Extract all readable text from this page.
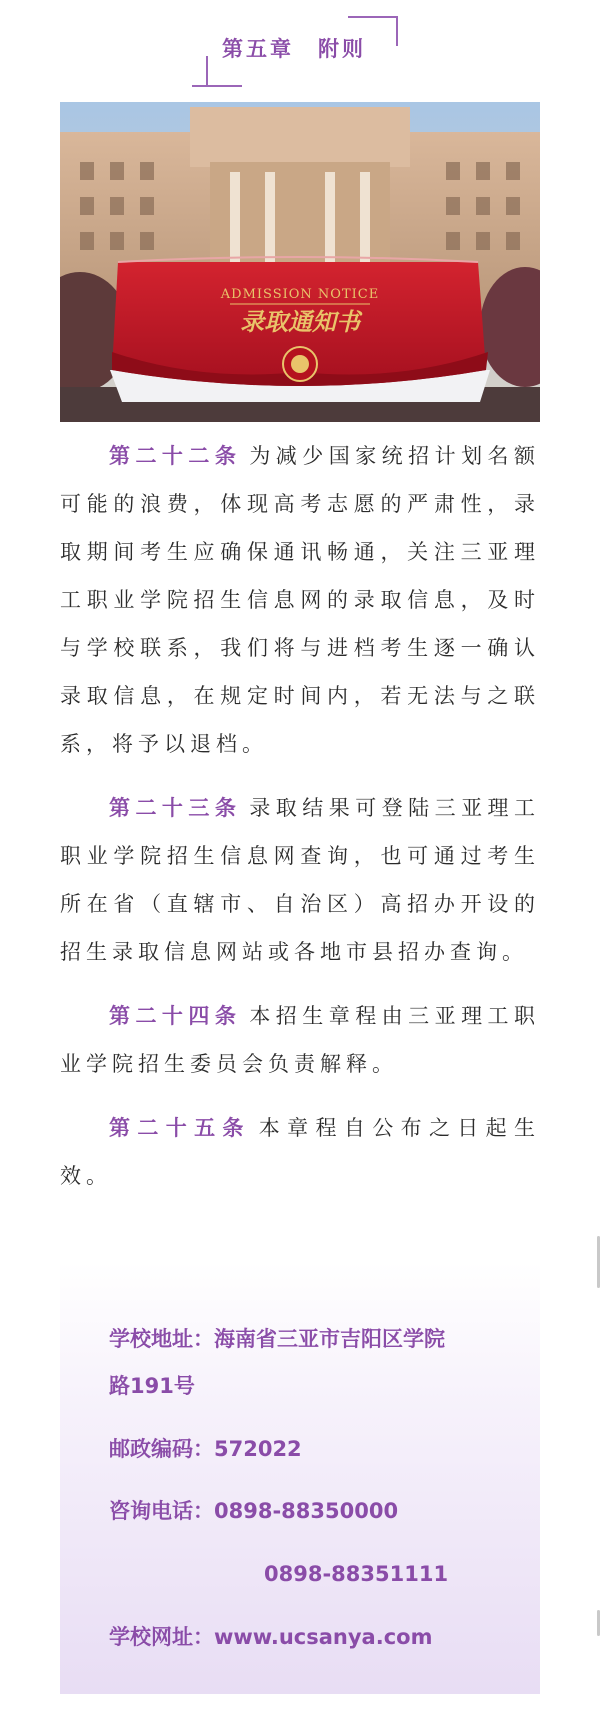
第五章　附则
ADMISSION NOTICE
录取通知书

第二十二条 为减少国家统招计划名额可能的浪费，体现高考志愿的严肃性，录取期间考生应确保通讯畅通，关注三亚理工职业学院招生信息网的录取信息，及时与学校联系，我们将与进档考生逐一确认录取信息，在规定时间内，若无法与之联系，将予以退档。

第二十三条 录取结果可登陆三亚理工职业学院招生信息网查询，也可通过考生所在省（直辖市、自治区）高招办开设的招生录取信息网站或各地市县招办查询。

第二十四条 本招生章程由三亚理工职业学院招生委员会负责解释。

第二十五条 本章程自公布之日起生效。

学校地址：海南省三亚市吉阳区学院
路191号
邮政编码：572022
咨询电话：0898-88350000
0898-88351111
学校网址：www.ucsanya.com
